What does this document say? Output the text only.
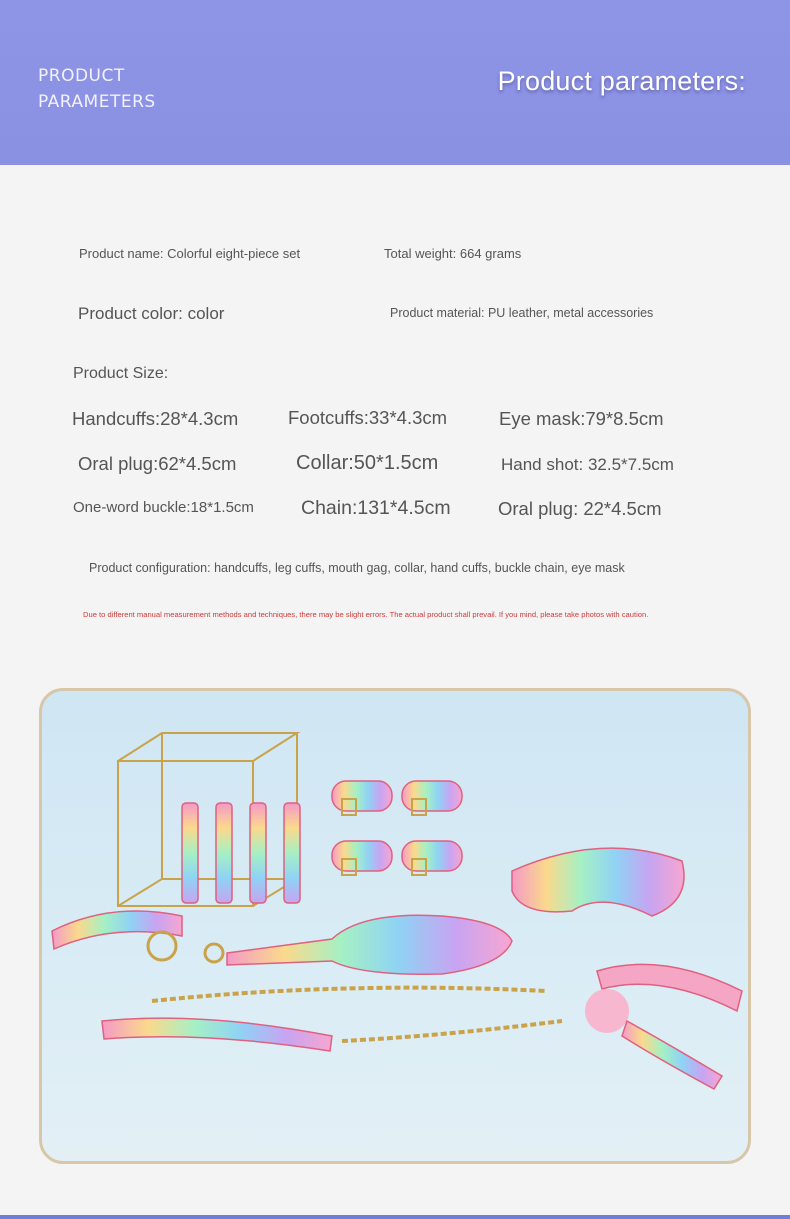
PRODUCT
PARAMETERS
Product parameters:
Product name: Colorful eight-piece set	Total weight: 664 grams
Product color: color	Product material: PU leather, metal accessories
Product Size:
Handcuffs:28*4.3cm	Footcuffs:33*4.3cm	Eye mask:79*8.5cm
Oral plug:62*4.5cm	Collar:50*1.5cm	Hand shot: 32.5*7.5cm
One-word buckle:18*1.5cm Chain:131*4.5cm	Oral plug: 22*4.5cm
Product configuration: handcuffs, leg cuffs, mouth gag, collar, hand cuffs, buckle chain, eye mask
Due to different manual measurement methods and techniques, there may be slight errors. The actual product shall prevail. If you mind, please take photos with caution.
